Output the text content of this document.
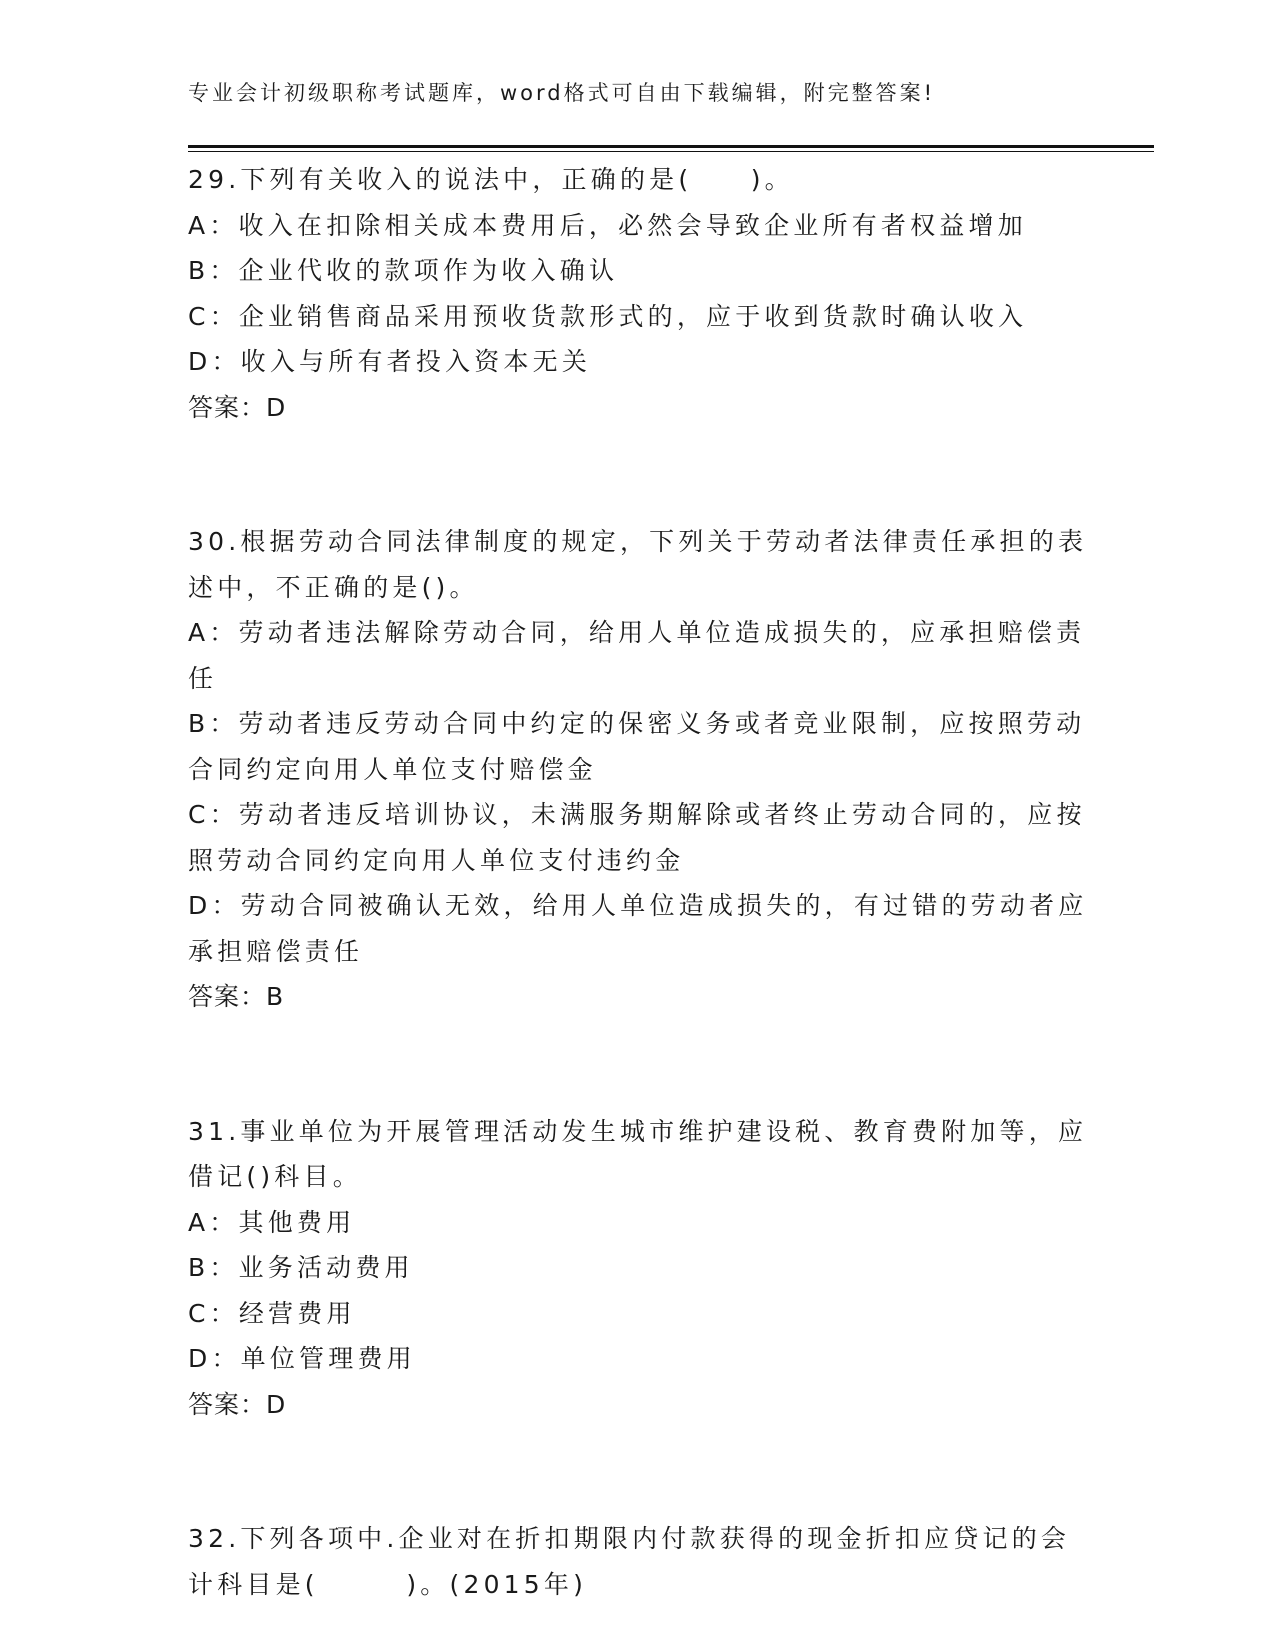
专业会计初级职称考试题库，word格式可自由下载编辑，附完整答案!
29.下列有关收入的说法中，正确的是(　　)。
A：收入在扣除相关成本费用后，必然会导致企业所有者权益增加
B：企业代收的款项作为收入确认
C：企业销售商品采用预收货款形式的，应于收到货款时确认收入
D：收入与所有者投入资本无关
答案：D
30.根据劳动合同法律制度的规定，下列关于劳动者法律责任承担的表
述中，不正确的是()。
A：劳动者违法解除劳动合同，给用人单位造成损失的，应承担赔偿责
任
B：劳动者违反劳动合同中约定的保密义务或者竞业限制，应按照劳动
合同约定向用人单位支付赔偿金
C：劳动者违反培训协议，未满服务期解除或者终止劳动合同的，应按
照劳动合同约定向用人单位支付违约金
D：劳动合同被确认无效，给用人单位造成损失的，有过错的劳动者应
承担赔偿责任
答案：B
31.事业单位为开展管理活动发生城市维护建设税、教育费附加等，应
借记()科目。
A：其他费用
B：业务活动费用
C：经营费用
D：单位管理费用
答案：D
32.下列各项中.企业对在折扣期限内付款获得的现金折扣应贷记的会
计科目是(　　　)。(2015年)
